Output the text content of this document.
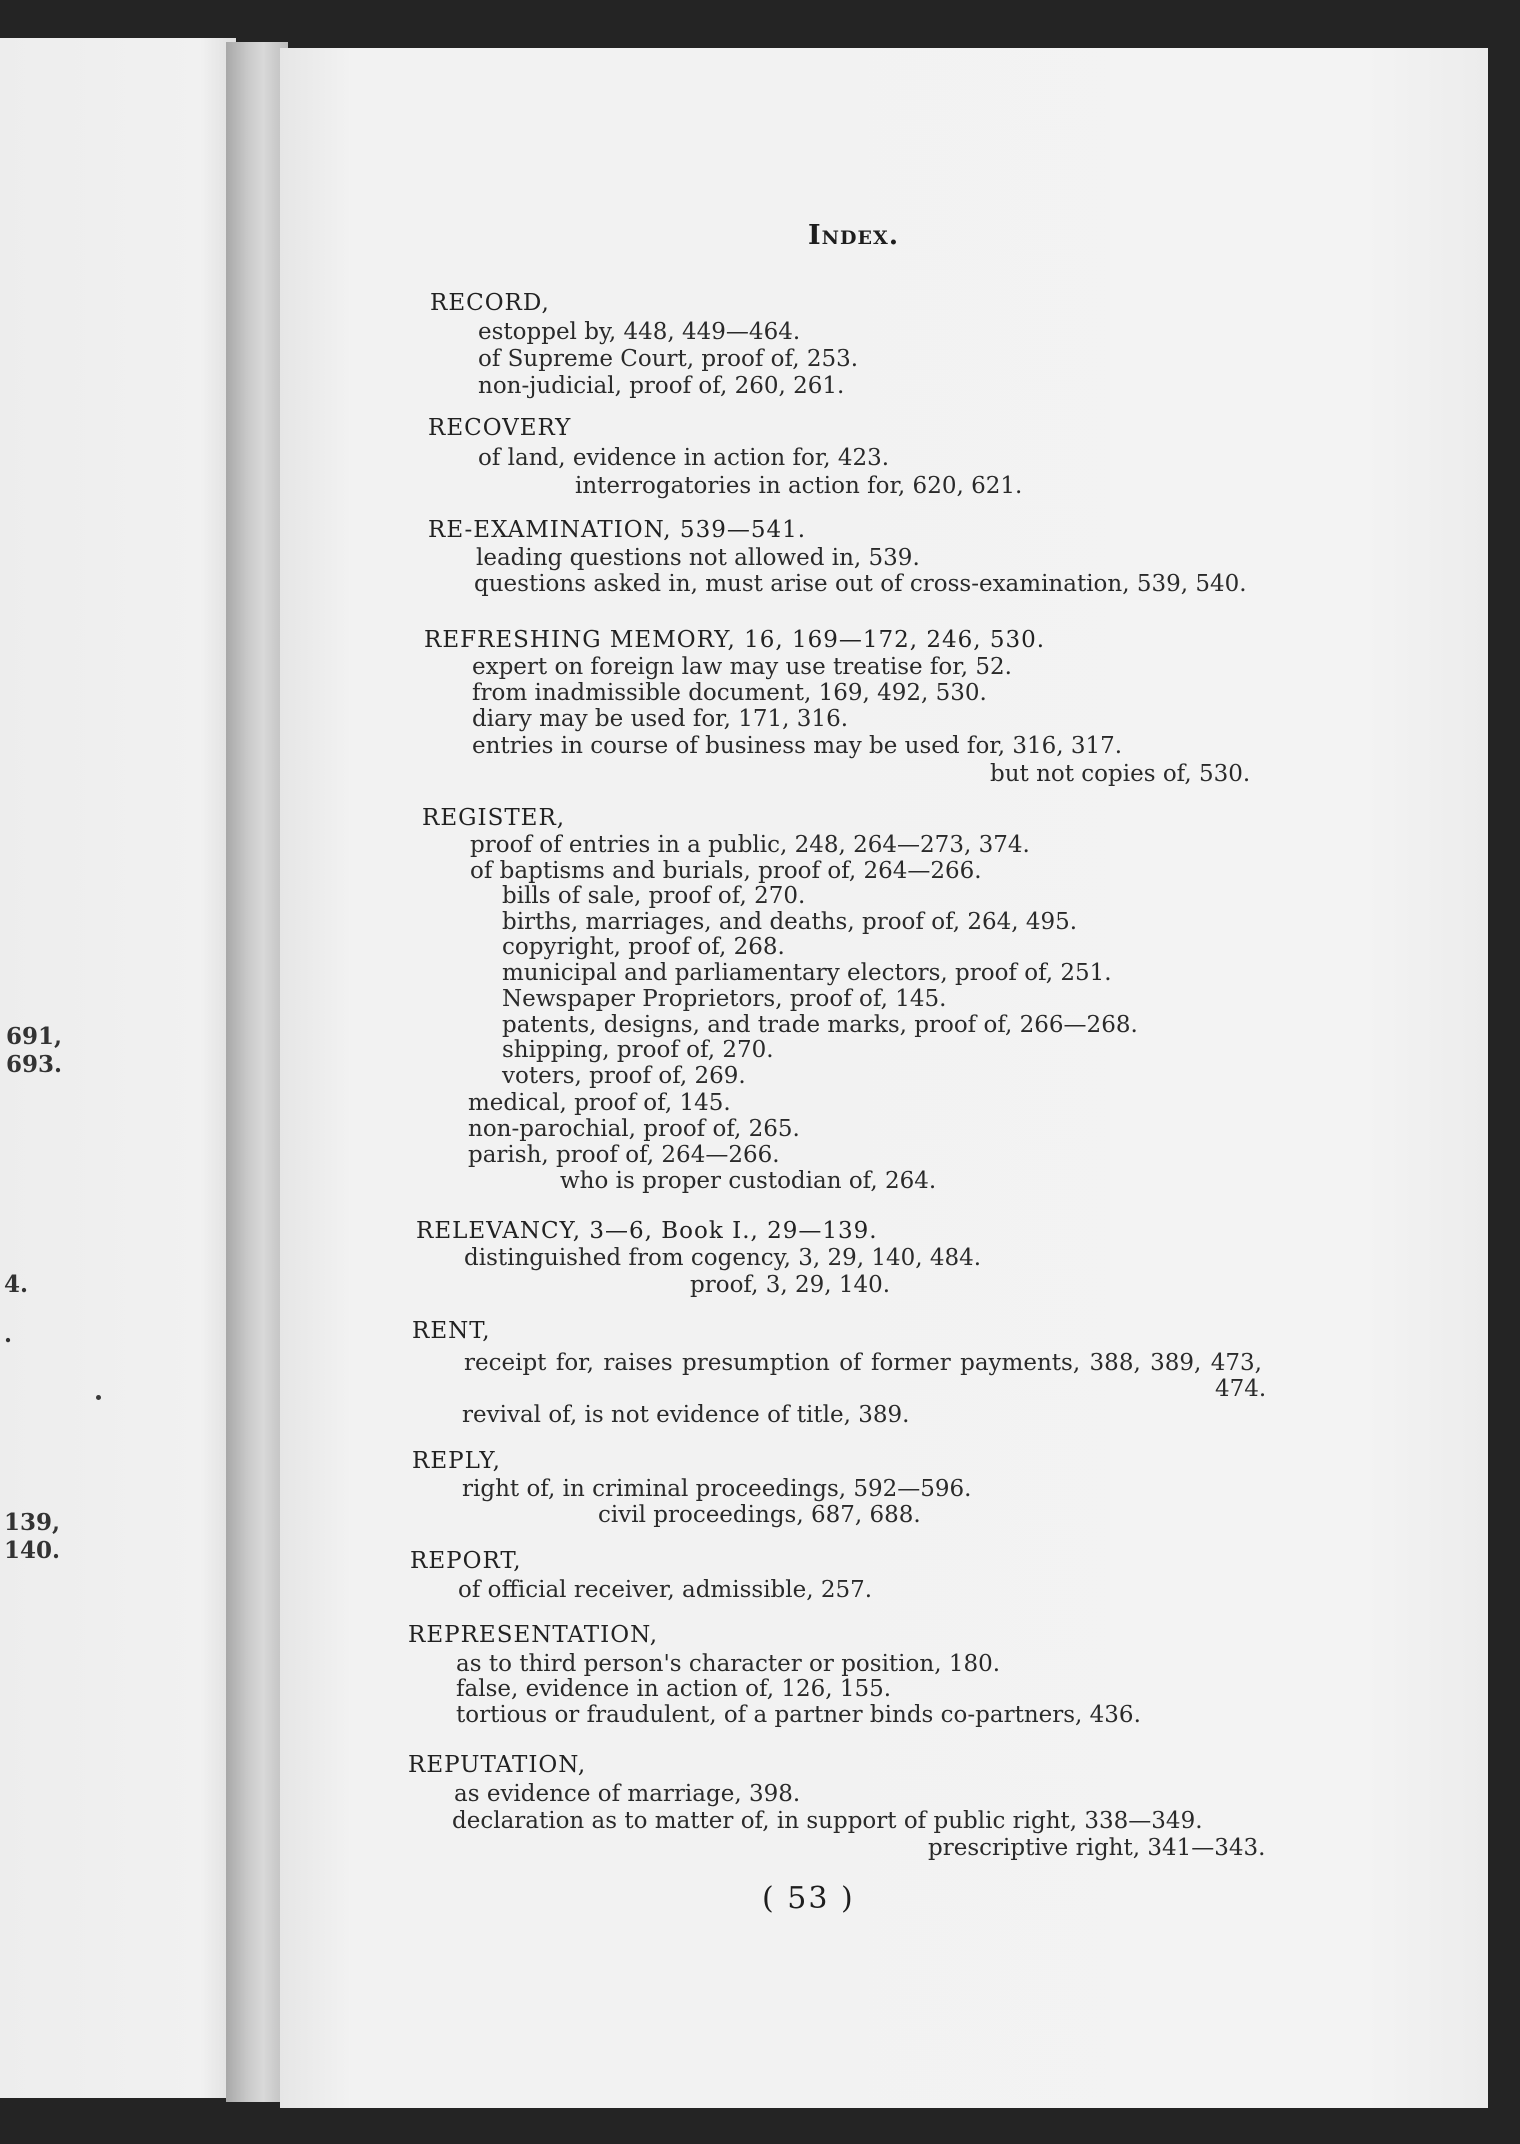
691,
693.
4.
.
139,
140.
Index.

RECORD,

estoppel by, 448, 449—464.

of Supreme Court, proof of, 253.

non-judicial, proof of, 260, 261.

RECOVERY

of land, evidence in action for, 423.

interrogatories in action for, 620, 621.

RE-EXAMINATION, 539—541.

leading questions not allowed in, 539.

questions asked in, must arise out of cross-examination, 539, 540.

REFRESHING MEMORY, 16, 169—172, 246, 530.

expert on foreign law may use treatise for, 52.

from inadmissible document, 169, 492, 530.

diary may be used for, 171, 316.

entries in course of business may be used for, 316, 317.

but not copies of, 530.

REGISTER,

proof of entries in a public, 248, 264—273, 374.

of baptisms and burials, proof of, 264—266.

bills of sale, proof of, 270.

births, marriages, and deaths, proof of, 264, 495.

copyright, proof of, 268.

municipal and parliamentary electors, proof of, 251.

Newspaper Proprietors, proof of, 145.

patents, designs, and trade marks, proof of, 266—268.

shipping, proof of, 270.

voters, proof of, 269.

medical, proof of, 145.

non-parochial, proof of, 265.

parish, proof of, 264—266.

who is proper custodian of, 264.

RELEVANCY, 3—6, Book I., 29—139.

distinguished from cogency, 3, 29, 140, 484.

proof, 3, 29, 140.

RENT,

receipt for, raises presumption of former payments, 388, 389, 473,

474.

revival of, is not evidence of title, 389.

REPLY,

right of, in criminal proceedings, 592—596.

civil proceedings, 687, 688.

REPORT,

of official receiver, admissible, 257.

REPRESENTATION,

as to third person's character or position, 180.

false, evidence in action of, 126, 155.

tortious or fraudulent, of a partner binds co-partners, 436.

REPUTATION,

as evidence of marriage, 398.

declaration as to matter of, in support of public right, 338—349.

prescriptive right, 341—343.

( 53 )
